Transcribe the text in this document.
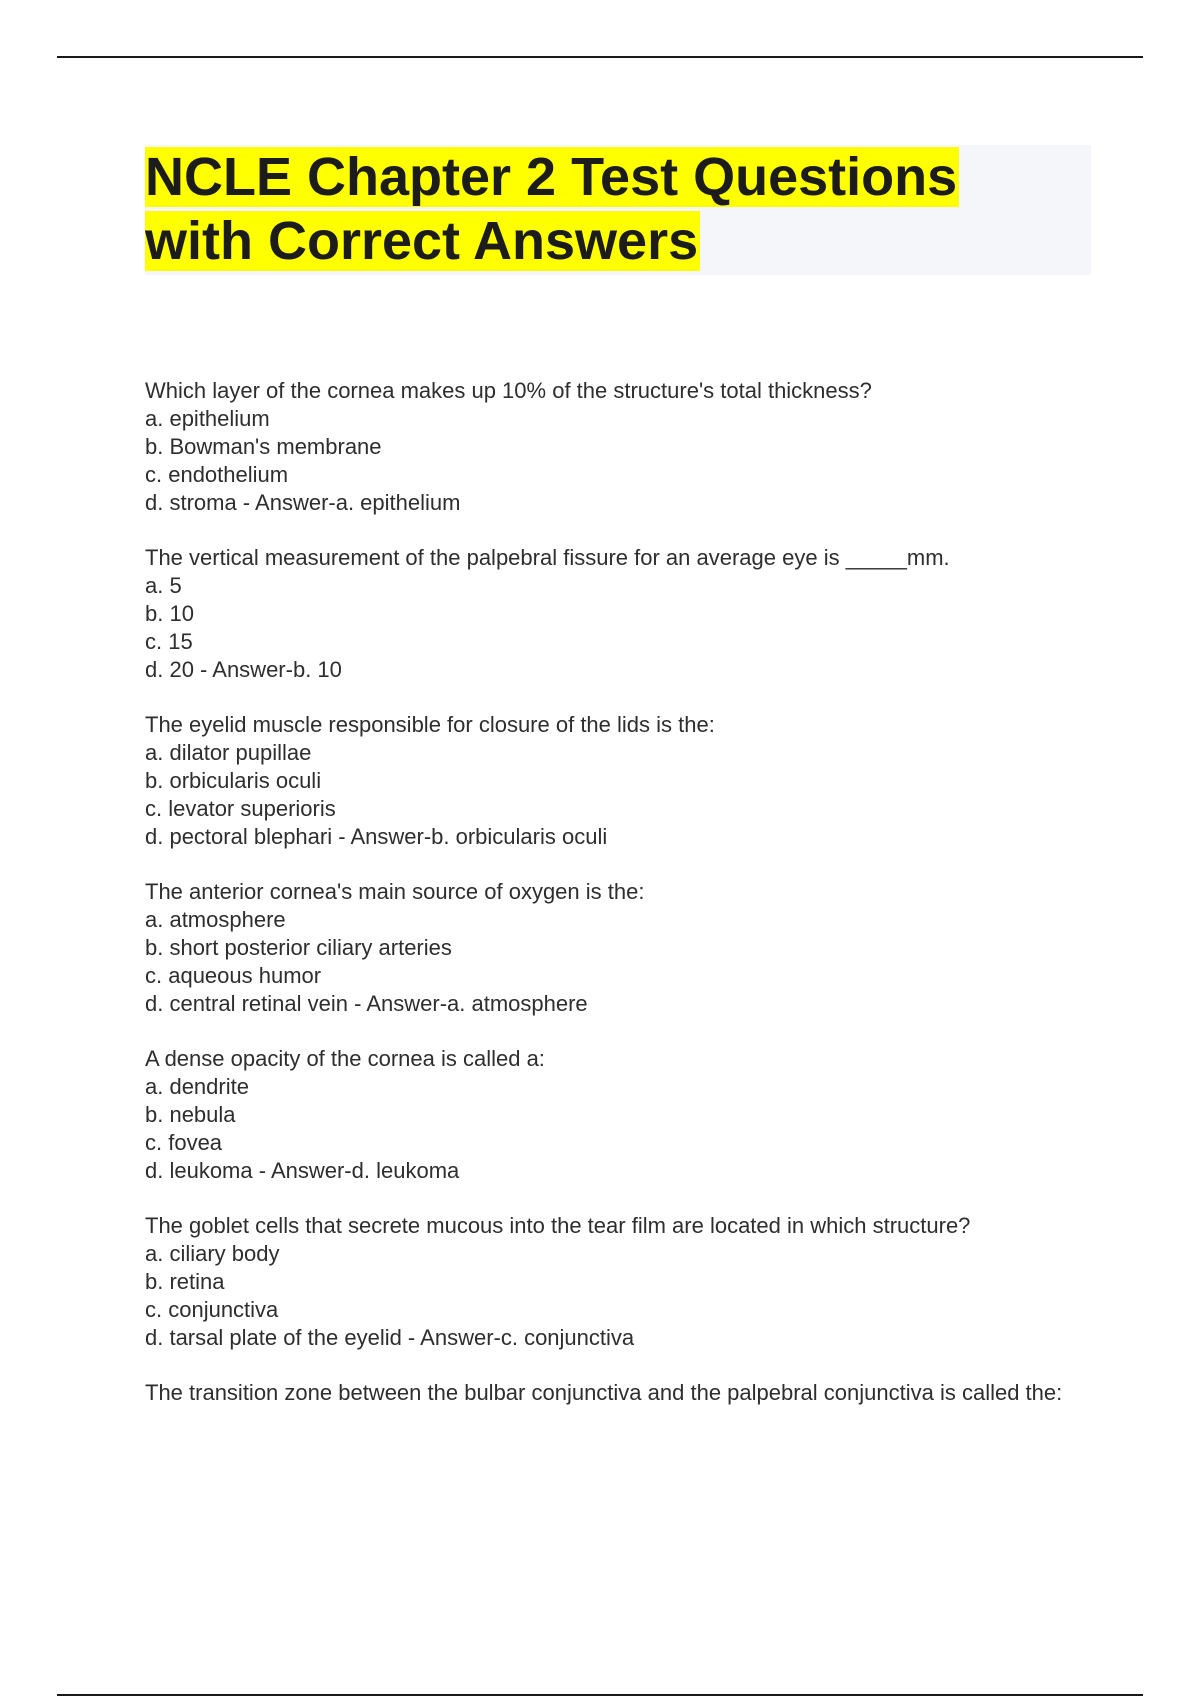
NCLE Chapter 2 Test Questions
with Correct Answers
Which layer of the cornea makes up 10% of the structure's total thickness?
a. epithelium
b. Bowman's membrane
c. endothelium
d. stroma - Answer-a. epithelium
The vertical measurement of the palpebral fissure for an average eye is _____mm.
a. 5
b. 10
c. 15
d. 20 - Answer-b. 10
The eyelid muscle responsible for closure of the lids is the:
a. dilator pupillae
b. orbicularis oculi
c. levator superioris
d. pectoral blephari - Answer-b. orbicularis oculi
The anterior cornea's main source of oxygen is the:
a. atmosphere
b. short posterior ciliary arteries
c. aqueous humor
d. central retinal vein - Answer-a. atmosphere
A dense opacity of the cornea is called a:
a. dendrite
b. nebula
c. fovea
d. leukoma - Answer-d. leukoma
The goblet cells that secrete mucous into the tear film are located in which structure?
a. ciliary body
b. retina
c. conjunctiva
d. tarsal plate of the eyelid - Answer-c. conjunctiva
The transition zone between the bulbar conjunctiva and the palpebral conjunctiva is called the:
